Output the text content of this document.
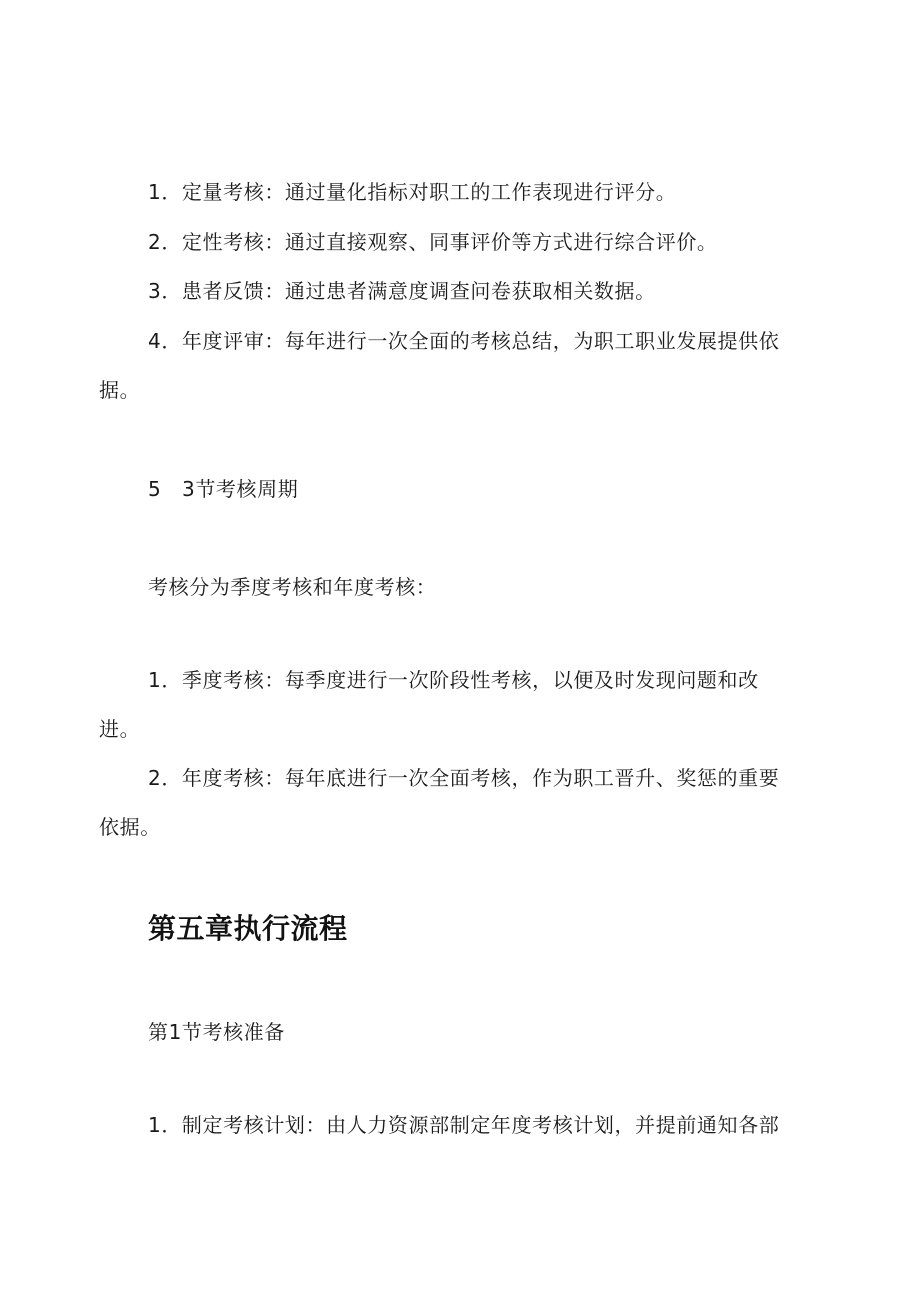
1．定量考核：通过量化指标对职工的工作表现进行评分。
2．定性考核：通过直接观察、同事评价等方式进行综合评价。
3．患者反馈：通过患者满意度调查问卷获取相关数据。
4．年度评审：每年进行一次全面的考核总结，为职工职业发展提供依
据。
5 3节考核周期
考核分为季度考核和年度考核：
1．季度考核：每季度进行一次阶段性考核，以便及时发现问题和改
进。
2．年度考核：每年底进行一次全面考核，作为职工晋升、奖惩的重要
依据。
第五章执行流程
第1节考核准备
1．制定考核计划：由人力资源部制定年度考核计划，并提前通知各部
